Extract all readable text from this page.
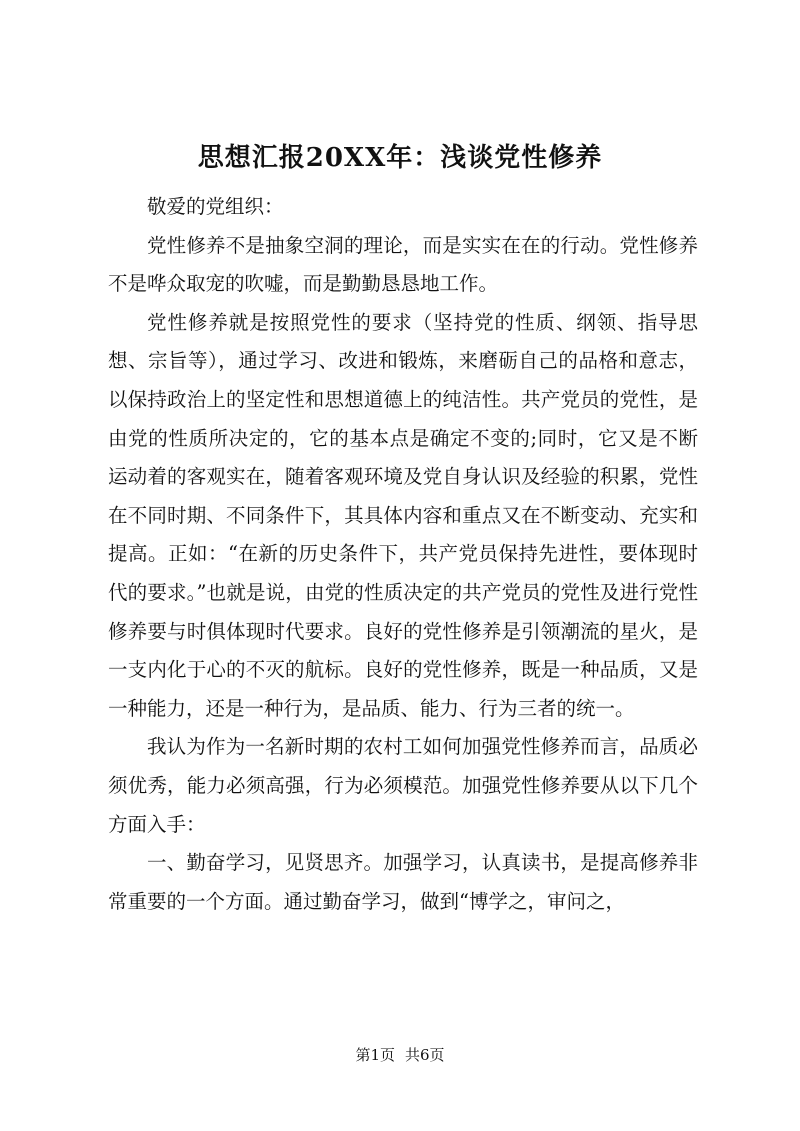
思想汇报20XX年：浅谈党性修养

敬爱的党组织：

党性修养不是抽象空洞的理论，而是实实在在的行动。党性修养不是哗众取宠的吹嘘，而是勤勤恳恳地工作。

党性修养就是按照党性的要求（坚持党的性质、纲领、指导思想、宗旨等），通过学习、改进和锻炼，来磨砺自己的品格和意志，以保持政治上的坚定性和思想道德上的纯洁性。共产党员的党性，是由党的性质所决定的，它的基本点是确定不变的;同时，它又是不断运动着的客观实在，随着客观环境及党自身认识及经验的积累，党性在不同时期、不同条件下，其具体内容和重点又在不断变动、充实和提高。正如：“在新的历史条件下，共产党员保持先进性，要体现时代的要求。”也就是说，由党的性质决定的共产党员的党性及进行党性修养要与时俱体现时代要求。良好的党性修养是引领潮流的星火，是一支内化于心的不灭的航标。良好的党性修养，既是一种品质，又是一种能力，还是一种行为，是品质、能力、行为三者的统一。

我认为作为一名新时期的农村工如何加强党性修养而言，品质必须优秀，能力必须高强，行为必须模范。加强党性修养要从以下几个方面入手：

一、勤奋学习，见贤思齐。加强学习，认真读书，是提高修养非常重要的一个方面。通过勤奋学习，做到“博学之，审问之，

第1页 共6页
